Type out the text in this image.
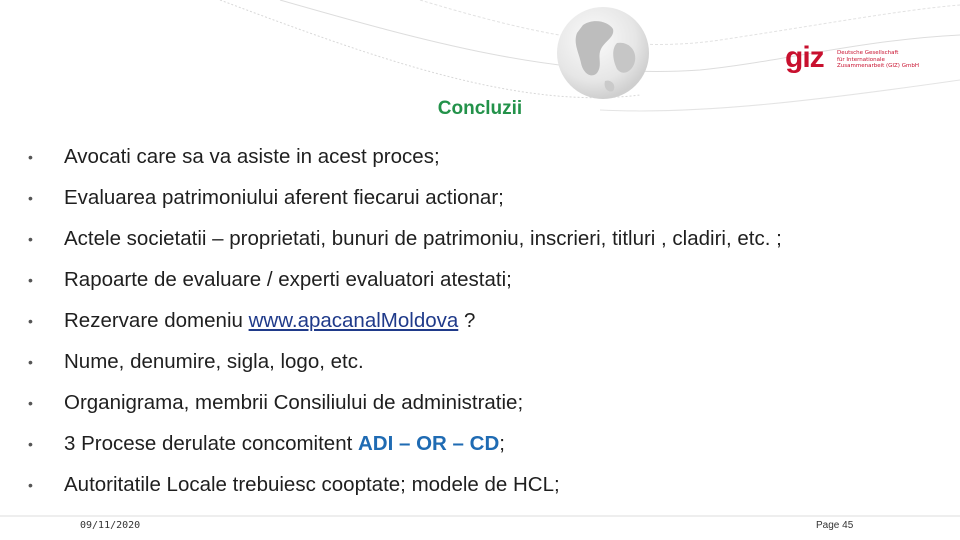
giz Deutsche Gesellschaft
für Internationale
Zusammenarbeit (GIZ) GmbH
Concluzii
• Avocati care sa va asiste in acest proces;
• Evaluarea patrimoniului aferent fiecarui actionar;
• Actele societatii – proprietati, bunuri de patrimoniu, inscrieri, titluri , cladiri, etc. ;
• Rapoarte de evaluare / experti evaluatori atestati;
• Rezervare domeniu www.apacanalMoldova ?
• Nume, denumire, sigla, logo, etc.
• Organigrama, membrii Consiliului de administratie;
• 3 Procese derulate concomitent ADI – OR – CD;
• Autoritatile Locale trebuiesc cooptate; modele de HCL;
09/11/2020	Page 45
